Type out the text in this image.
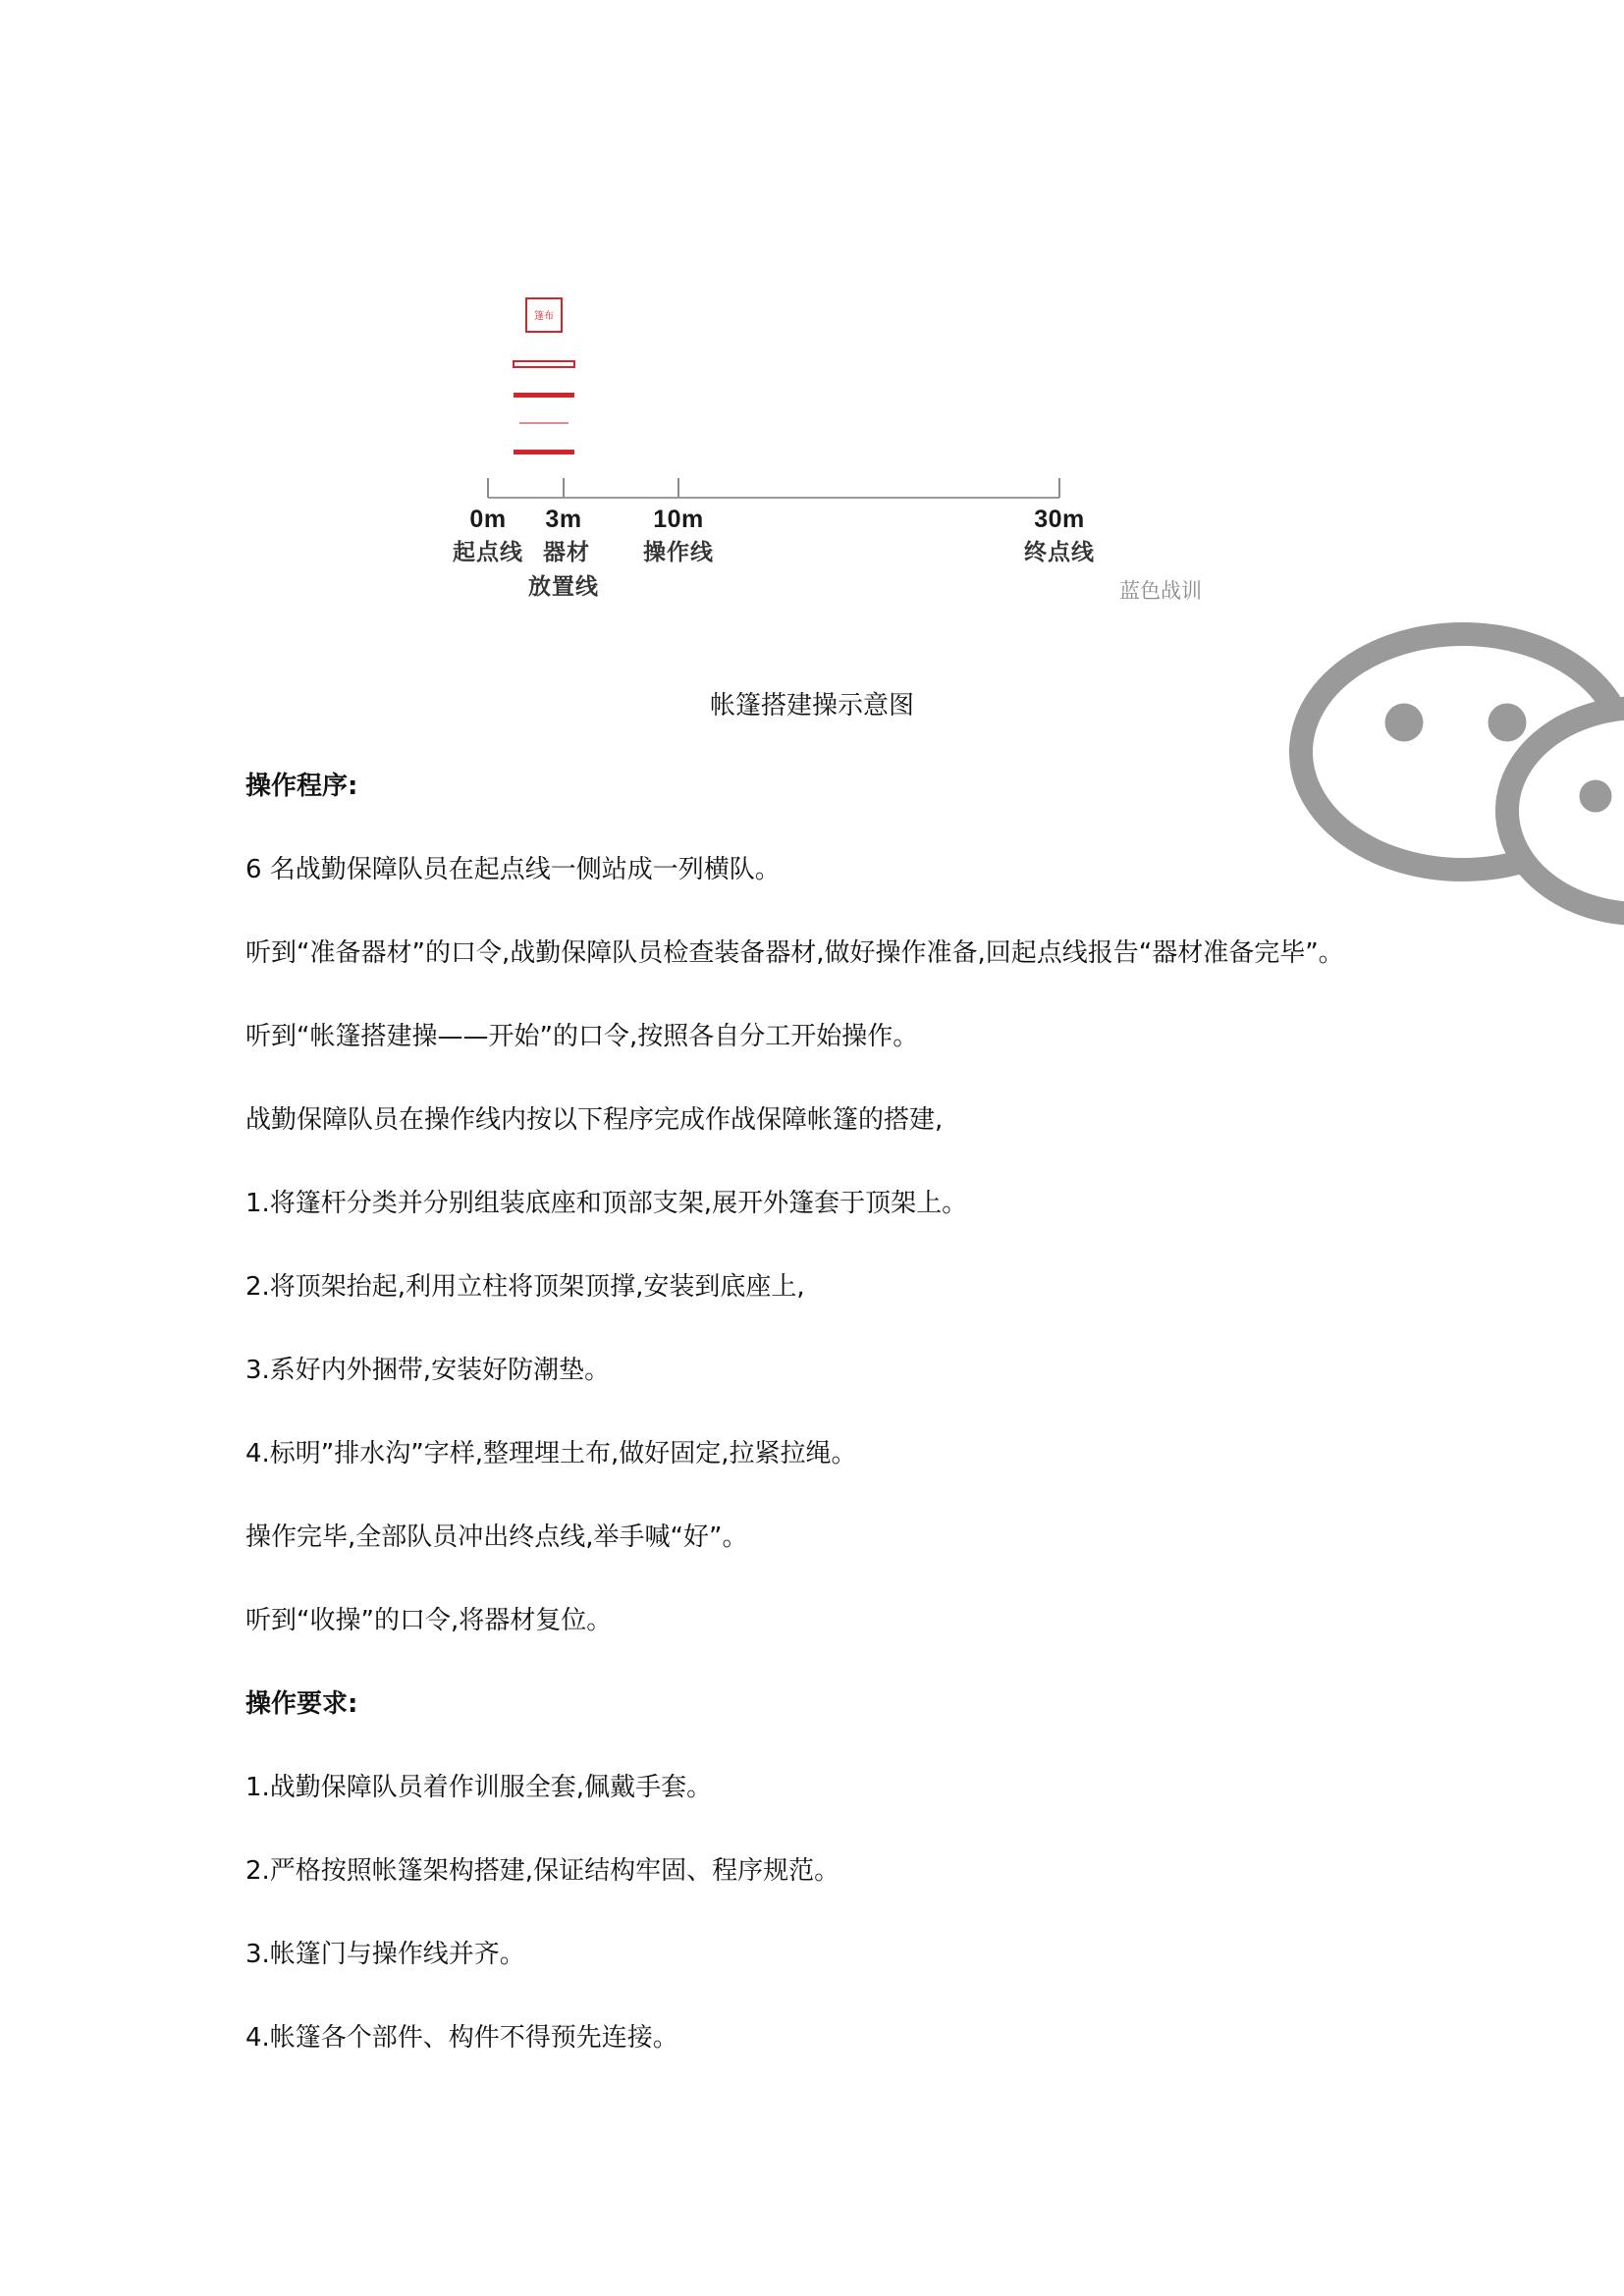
篷布
0m 3m	10m	30m
起点线 器材
放置线
操作线	终点线
蓝色战训
帐篷搭建操示意图

操作程序:

6 名战勤保障队员在起点线一侧站成一列横队。

听到“准备器材”的口令,战勤保障队员检查装备器材,做好操作准备,回起点线报告“器材准备完毕”。

听到“帐篷搭建操——开始”的口令,按照各自分工开始操作。

战勤保障队员在操作线内按以下程序完成作战保障帐篷的搭建,

1.将篷杆分类并分别组装底座和顶部支架,展开外篷套于顶架上。

2.将顶架抬起,利用立柱将顶架顶撑,安装到底座上,

3.系好内外捆带,安装好防潮垫。

4.标明”排水沟”字样,整理埋土布,做好固定,拉紧拉绳。

操作完毕,全部队员冲出终点线,举手喊“好”。

听到“收操”的口令,将器材复位。

操作要求:

1.战勤保障队员着作训服全套,佩戴手套。

2.严格按照帐篷架构搭建,保证结构牢固、程序规范。

3.帐篷门与操作线并齐。

4.帐篷各个部件、构件不得预先连接。
